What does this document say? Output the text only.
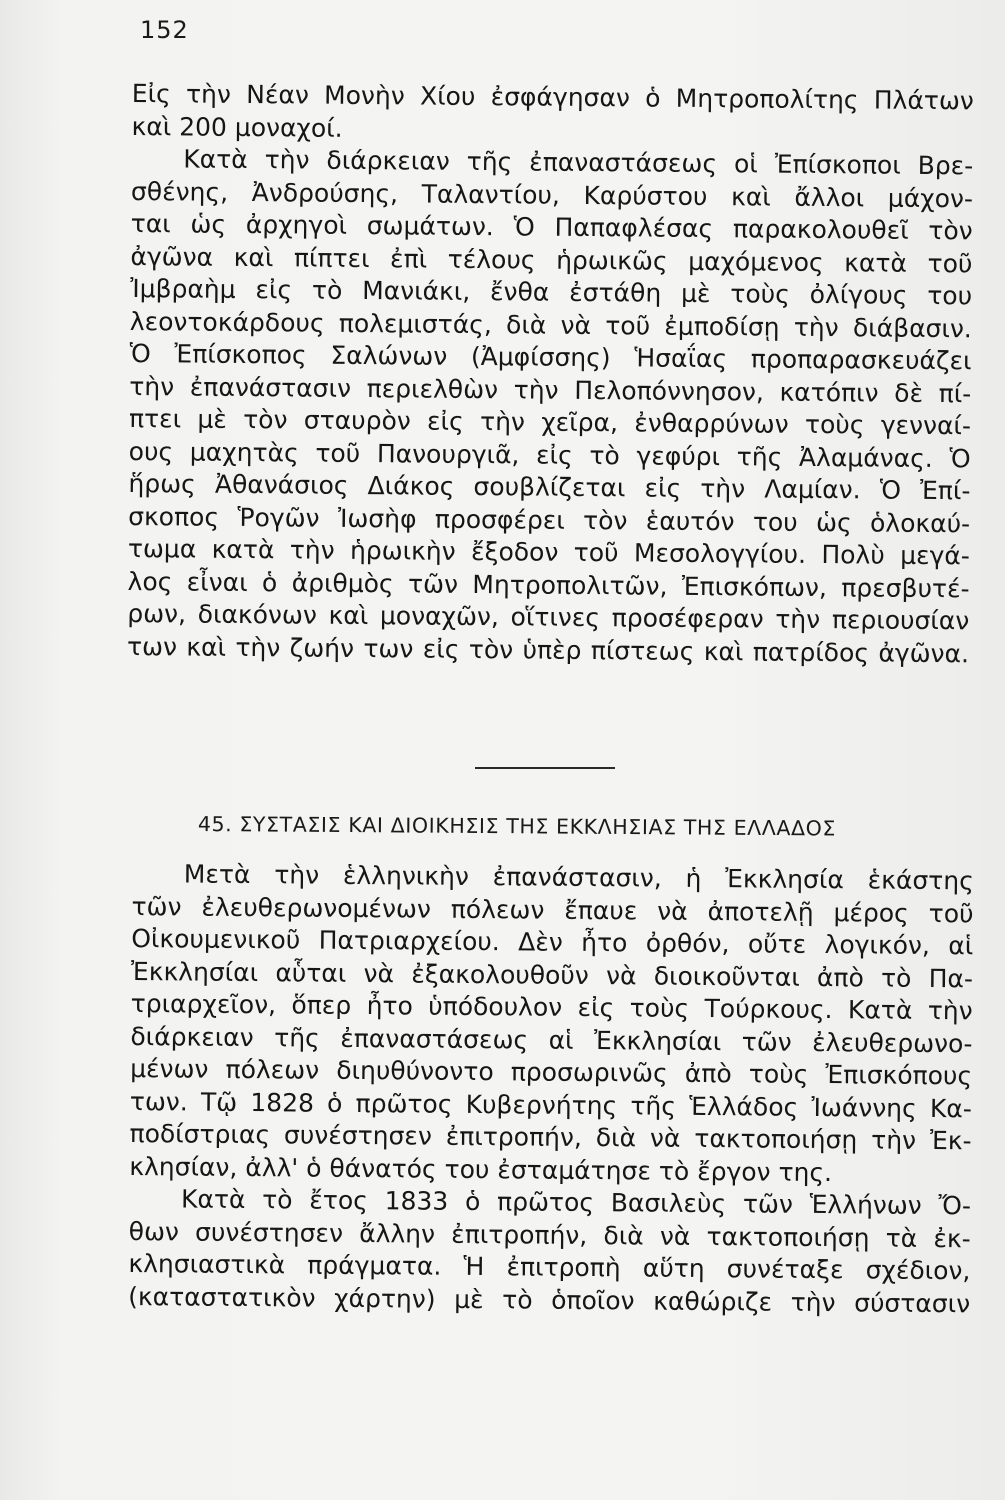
152
Εἰς τὴν Νέαν Μονὴν Χίου ἐσφάγησαν ὁ Μητροπολίτης Πλάτων
καὶ 200 μοναχοί.
Κατὰ τὴν διάρκειαν τῆς ἐπαναστάσεως οἱ Ἐπίσκοποι Βρε-
σθένης, Ἀνδρούσης, Ταλαντίου, Καρύστου καὶ ἄλλοι μάχον-
ται ὡς ἀρχηγοὶ σωμάτων. Ὁ Παπαφλέσας παρακολουθεῖ τὸν
ἀγῶνα καὶ πίπτει ἐπὶ τέλους ἡρωικῶς μαχόμενος κατὰ τοῦ
Ἰμβραὴμ εἰς τὸ Μανιάκι, ἔνθα ἐστάθη μὲ τοὺς ὀλίγους του
λεοντοκάρδους πολεμιστάς, διὰ νὰ τοῦ ἐμποδίσῃ τὴν διάβασιν.
Ὁ Ἐπίσκοπος Σαλώνων (Ἀμφίσσης) Ἡσαΐας προπαρασκευάζει
τὴν ἐπανάστασιν περιελθὼν τὴν Πελοπόννησον, κατόπιν δὲ πί-
πτει μὲ τὸν σταυρὸν εἰς τὴν χεῖρα, ἐνθαρρύνων τοὺς γενναί-
ους μαχητὰς τοῦ Πανουργιᾶ, εἰς τὸ γεφύρι τῆς Ἀλαμάνας. Ὁ
ἥρως Ἀθανάσιος Διάκος σουβλίζεται εἰς τὴν Λαμίαν. Ὁ Ἐπί-
σκοπος Ῥογῶν Ἰωσὴφ προσφέρει τὸν ἑαυτόν του ὡς ὁλοκαύ-
τωμα κατὰ τὴν ἡρωικὴν ἔξοδον τοῦ Μεσολογγίου. Πολὺ μεγά-
λος εἶναι ὁ ἀριθμὸς τῶν Μητροπολιτῶν, Ἐπισκόπων, πρεσβυτέ-
ρων, διακόνων καὶ μοναχῶν, οἵτινες προσέφεραν τὴν περιουσίαν
των καὶ τὴν ζωήν των εἰς τὸν ὑπὲρ πίστεως καὶ πατρίδος ἀγῶνα.
45. ΣΥΣΤΑΣΙΣ ΚΑΙ ΔΙΟΙΚΗΣΙΣ ΤΗΣ ΕΚΚΛΗΣΙΑΣ ΤΗΣ ΕΛΛΑΔΟΣ
Μετὰ τὴν ἑλληνικὴν ἐπανάστασιν, ἡ Ἐκκλησία ἑκάστης
τῶν ἐλευθερωνομένων πόλεων ἔπαυε νὰ ἀποτελῇ μέρος τοῦ
Οἰκουμενικοῦ Πατριαρχείου. Δὲν ἦτο ὀρθόν, οὔτε λογικόν, αἱ
Ἐκκλησίαι αὗται νὰ ἐξακολουθοῦν νὰ διοικοῦνται ἀπὸ τὸ Πα-
τριαρχεῖον, ὅπερ ἦτο ὑπόδουλον εἰς τοὺς Τούρκους. Κατὰ τὴν
διάρκειαν τῆς ἐπαναστάσεως αἱ Ἐκκλησίαι τῶν ἐλευθερωνο-
μένων πόλεων διηυθύνοντο προσωρινῶς ἀπὸ τοὺς Ἐπισκόπους
των. Τῷ 1828 ὁ πρῶτος Κυβερνήτης τῆς Ἑλλάδος Ἰωάννης Κα-
ποδίστριας συνέστησεν ἐπιτροπήν, διὰ νὰ τακτοποιήσῃ τὴν Ἐκ-
κλησίαν, ἀλλ' ὁ θάνατός του ἐσταμάτησε τὸ ἔργον της.
Κατὰ τὸ ἔτος 1833 ὁ πρῶτος Βασιλεὺς τῶν Ἑλλήνων Ὄ-
θων συνέστησεν ἄλλην ἐπιτροπήν, διὰ νὰ τακτοποιήσῃ τὰ ἐκ-
κλησιαστικὰ πράγματα. Ἡ ἐπιτροπὴ αὕτη συνέταξε σχέδιον,
(καταστατικὸν χάρτην) μὲ τὸ ὁποῖον καθώριζε τὴν σύστασιν
